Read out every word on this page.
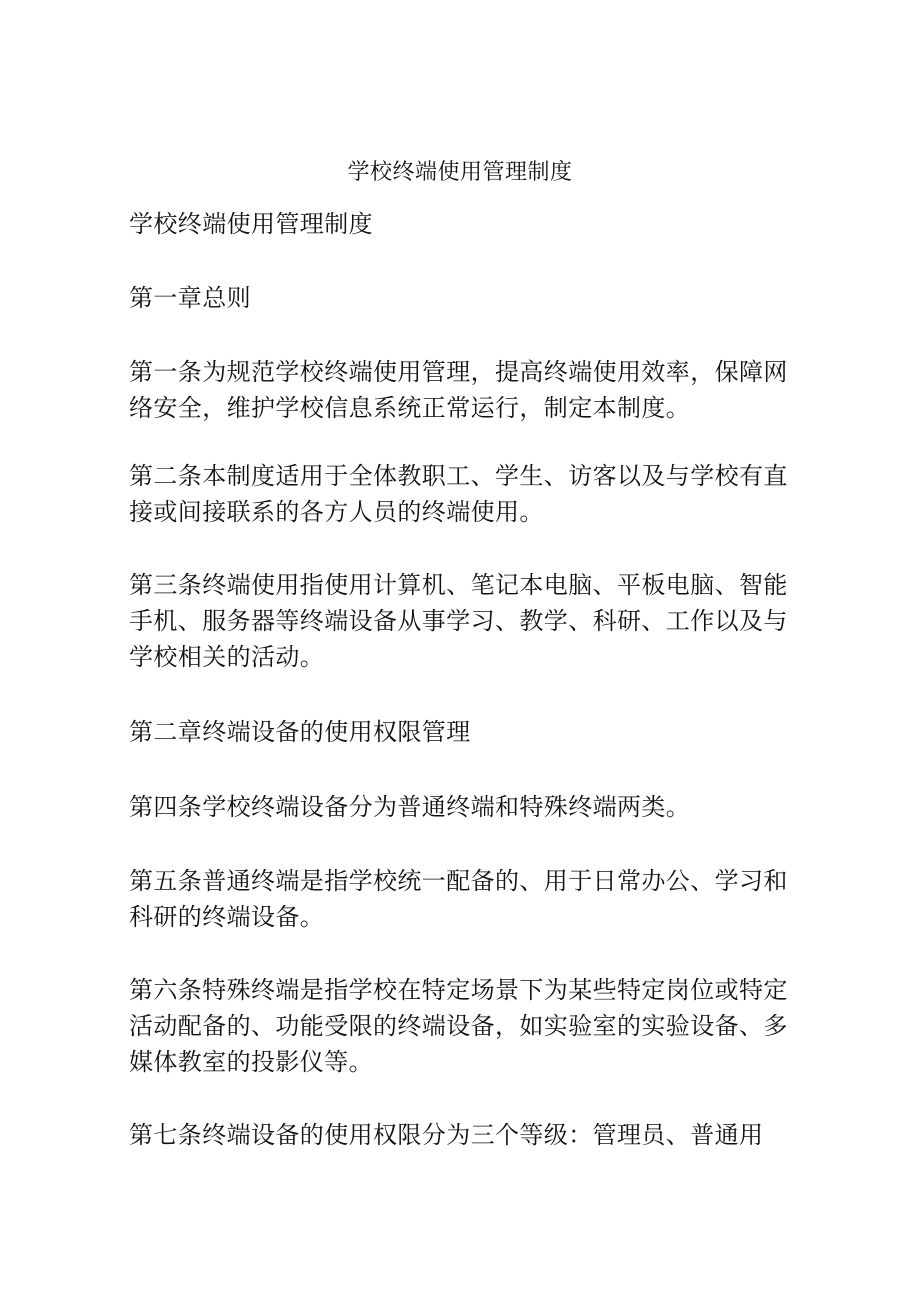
学校终端使用管理制度

学校终端使用管理制度

第一章总则

第一条为规范学校终端使用管理，提高终端使用效率，保障网络安全，维护学校信息系统正常运行，制定本制度。

第二条本制度适用于全体教职工、学生、访客以及与学校有直接或间接联系的各方人员的终端使用。

第三条终端使用指使用计算机、笔记本电脑、平板电脑、智能手机、服务器等终端设备从事学习、教学、科研、工作以及与学校相关的活动。

第二章终端设备的使用权限管理

第四条学校终端设备分为普通终端和特殊终端两类。

第五条普通终端是指学校统一配备的、用于日常办公、学习和科研的终端设备。

第六条特殊终端是指学校在特定场景下为某些特定岗位或特定活动配备的、功能受限的终端设备，如实验室的实验设备、多媒体教室的投影仪等。

第七条终端设备的使用权限分为三个等级：管理员、普通用
